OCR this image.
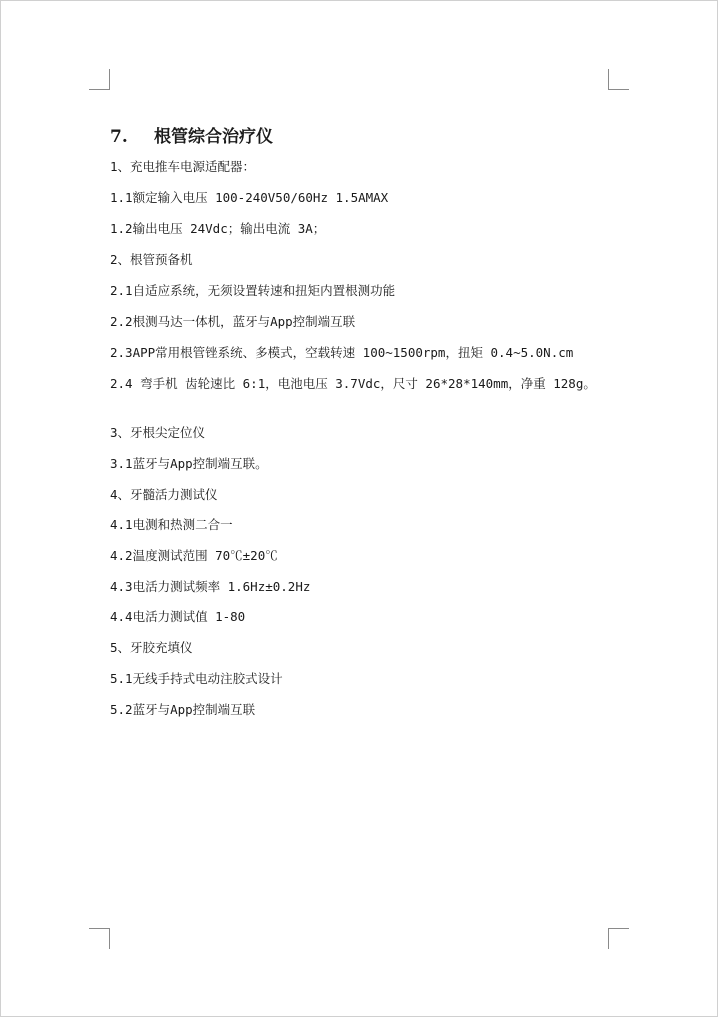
7. 根管综合治疗仪
1、充电推车电源适配器：
1.1额定输入电压 100-240V50/60Hz 1.5AMAX
1.2输出电压 24Vdc；输出电流 3A；
2、根管预备机
2.1自适应系统，无须设置转速和扭矩内置根测功能
2.2根测马达一体机，蓝牙与App控制端互联
2.3APP常用根管锉系统、多模式，空载转速 100~1500rpm，扭矩 0.4~5.0N.cm
2.4 弯手机 齿轮速比 6:1，电池电压 3.7Vdc，尺寸 26*28*140mm，净重 128g。
3、牙根尖定位仪
3.1蓝牙与App控制端互联。
4、牙髓活力测试仪
4.1电测和热测二合一
4.2温度测试范围 70℃±20℃
4.3电活力测试频率 1.6Hz±0.2Hz
4.4电活力测试值 1-80
5、牙胶充填仪
5.1无线手持式电动注胶式设计
5.2蓝牙与App控制端互联
